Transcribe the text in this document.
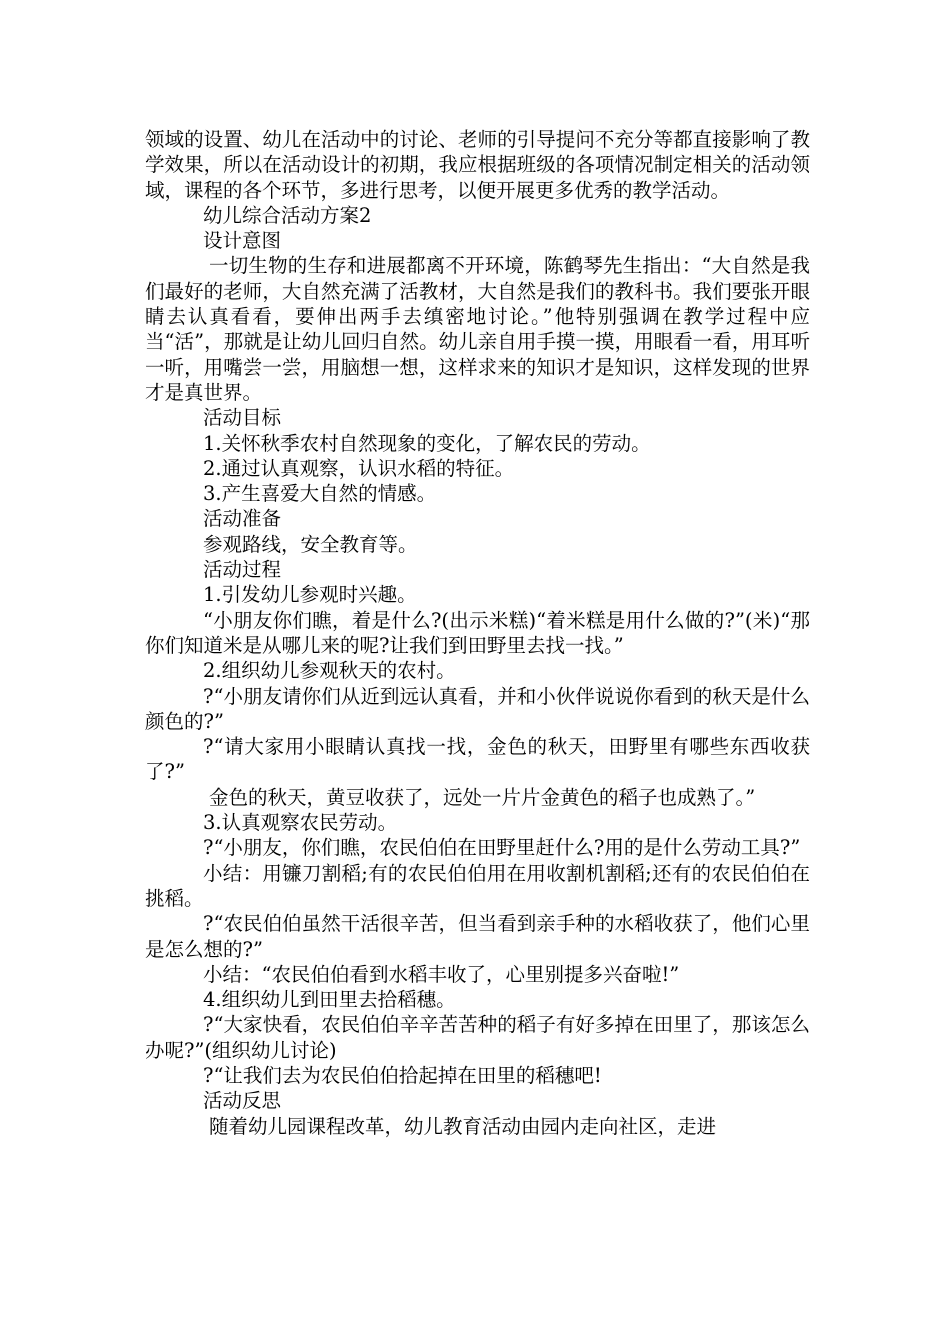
领域的设置、幼儿在活动中的讨论、老师的引导提问不充分等都直接影响了教学效果，所以在活动设计的初期，我应根据班级的各项情况制定相关的活动领域，课程的各个环节，多进行思考，以便开展更多优秀的教学活动。

幼儿综合活动方案2

设计意图

一切生物的生存和进展都离不开环境，陈鹤琴先生指出：“大自然是我们最好的老师，大自然充满了活教材，大自然是我们的教科书。我们要张开眼睛去认真看看，要伸出两手去缜密地讨论。”他特别强调在教学过程中应当“活”，那就是让幼儿回归自然。幼儿亲自用手摸一摸，用眼看一看，用耳听一听，用嘴尝一尝，用脑想一想，这样求来的知识才是知识，这样发现的世界才是真世界。

活动目标

1.关怀秋季农村自然现象的变化，了解农民的劳动。

2.通过认真观察，认识水稻的特征。

3.产生喜爱大自然的情感。

活动准备

参观路线，安全教育等。

活动过程

1.引发幼儿参观时兴趣。

“小朋友你们瞧，着是什么?(出示米糕)“着米糕是用什么做的?”(米)“那你们知道米是从哪儿来的呢?让我们到田野里去找一找。”

2.组织幼儿参观秋天的农村。

?“小朋友请你们从近到远认真看，并和小伙伴说说你看到的秋天是什么颜色的?”

?“请大家用小眼睛认真找一找，金色的秋天，田野里有哪些东西收获了?”

金色的秋天，黄豆收获了，远处一片片金黄色的稻子也成熟了。”

3.认真观察农民劳动。

?“小朋友，你们瞧，农民伯伯在田野里赶什么?用的是什么劳动工具?”

小结：用镰刀割稻;有的农民伯伯用在用收割机割稻;还有的农民伯伯在挑稻。

?“农民伯伯虽然干活很辛苦，但当看到亲手种的水稻收获了，他们心里是怎么想的?”

小结：“农民伯伯看到水稻丰收了，心里别提多兴奋啦!”

4.组织幼儿到田里去拾稻穗。

?“大家快看，农民伯伯辛辛苦苦种的稻子有好多掉在田里了，那该怎么办呢?”(组织幼儿讨论)

?“让我们去为农民伯伯拾起掉在田里的稻穗吧!

活动反思

随着幼儿园课程改革，幼儿教育活动由园内走向社区，走进
